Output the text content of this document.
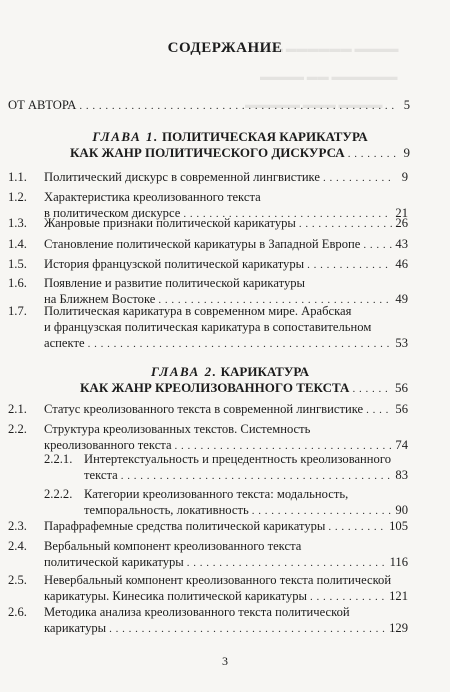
▬▬▬ ▬▬▬▬▬▬ ▬▬▬▬
▬▬▬▬ ▬▬ ▬▬▬▬▬▬
▬▬▬▬▬ ▬▬▬ ▬▬▬▬
СОДЕРЖАНИЕ
ОТ АВТОРА . . .	5
ГЛАВА 1. ПОЛИТИЧЕСКАЯ КАРИКАТУРА
КАК ЖАНР ПОЛИТИЧЕСКОГО ДИСКУРСА . . .	9
1.1.	Политический дискурс в современной лингвистике . . .	9
1.2.	Характеристика креолизованного текста
в политическом дискурсе . . .	21
1.3.	Жанровые признаки политической карикатуры . . .	26
1.4.	Становление политической карикатуры в Западной Европе . . .	43
1.5.	История французской политической карикатуры . . .	46
1.6.	Появление и развитие политической карикатуры
на Ближнем Востоке . . .	49
1.7.	Политическая карикатура в современном мире. Арабская
и французская политическая карикатура в сопоставительном
аспекте . . .	53
ГЛАВА 2. КАРИКАТУРА
КАК ЖАНР КРЕОЛИЗОВАННОГО ТЕКСТА . . .	56
2.1.	Статус креолизованного текста в современной лингвистике . . .	56
2.2.	Структура креолизованных текстов. Системность
креолизованного текста . . .	74
2.2.1. Интертекстуальность и прецедентность креолизованного
текста . . .	83
2.2.2. Категории креолизованного текста: модальность,
темпоральность, локативность . . .	90
2.3.	Парафрафемные средства политической карикатуры . . .	105
2.4.	Вербальный компонент креолизованного текста
политической карикатуры . . .	116
2.5.	Невербальный компонент креолизованного текста политической
карикатуры. Кинесика политической карикатуры . . .	121
2.6.	Методика анализа креолизованного текста политической
карикатуры . . .	129
3
